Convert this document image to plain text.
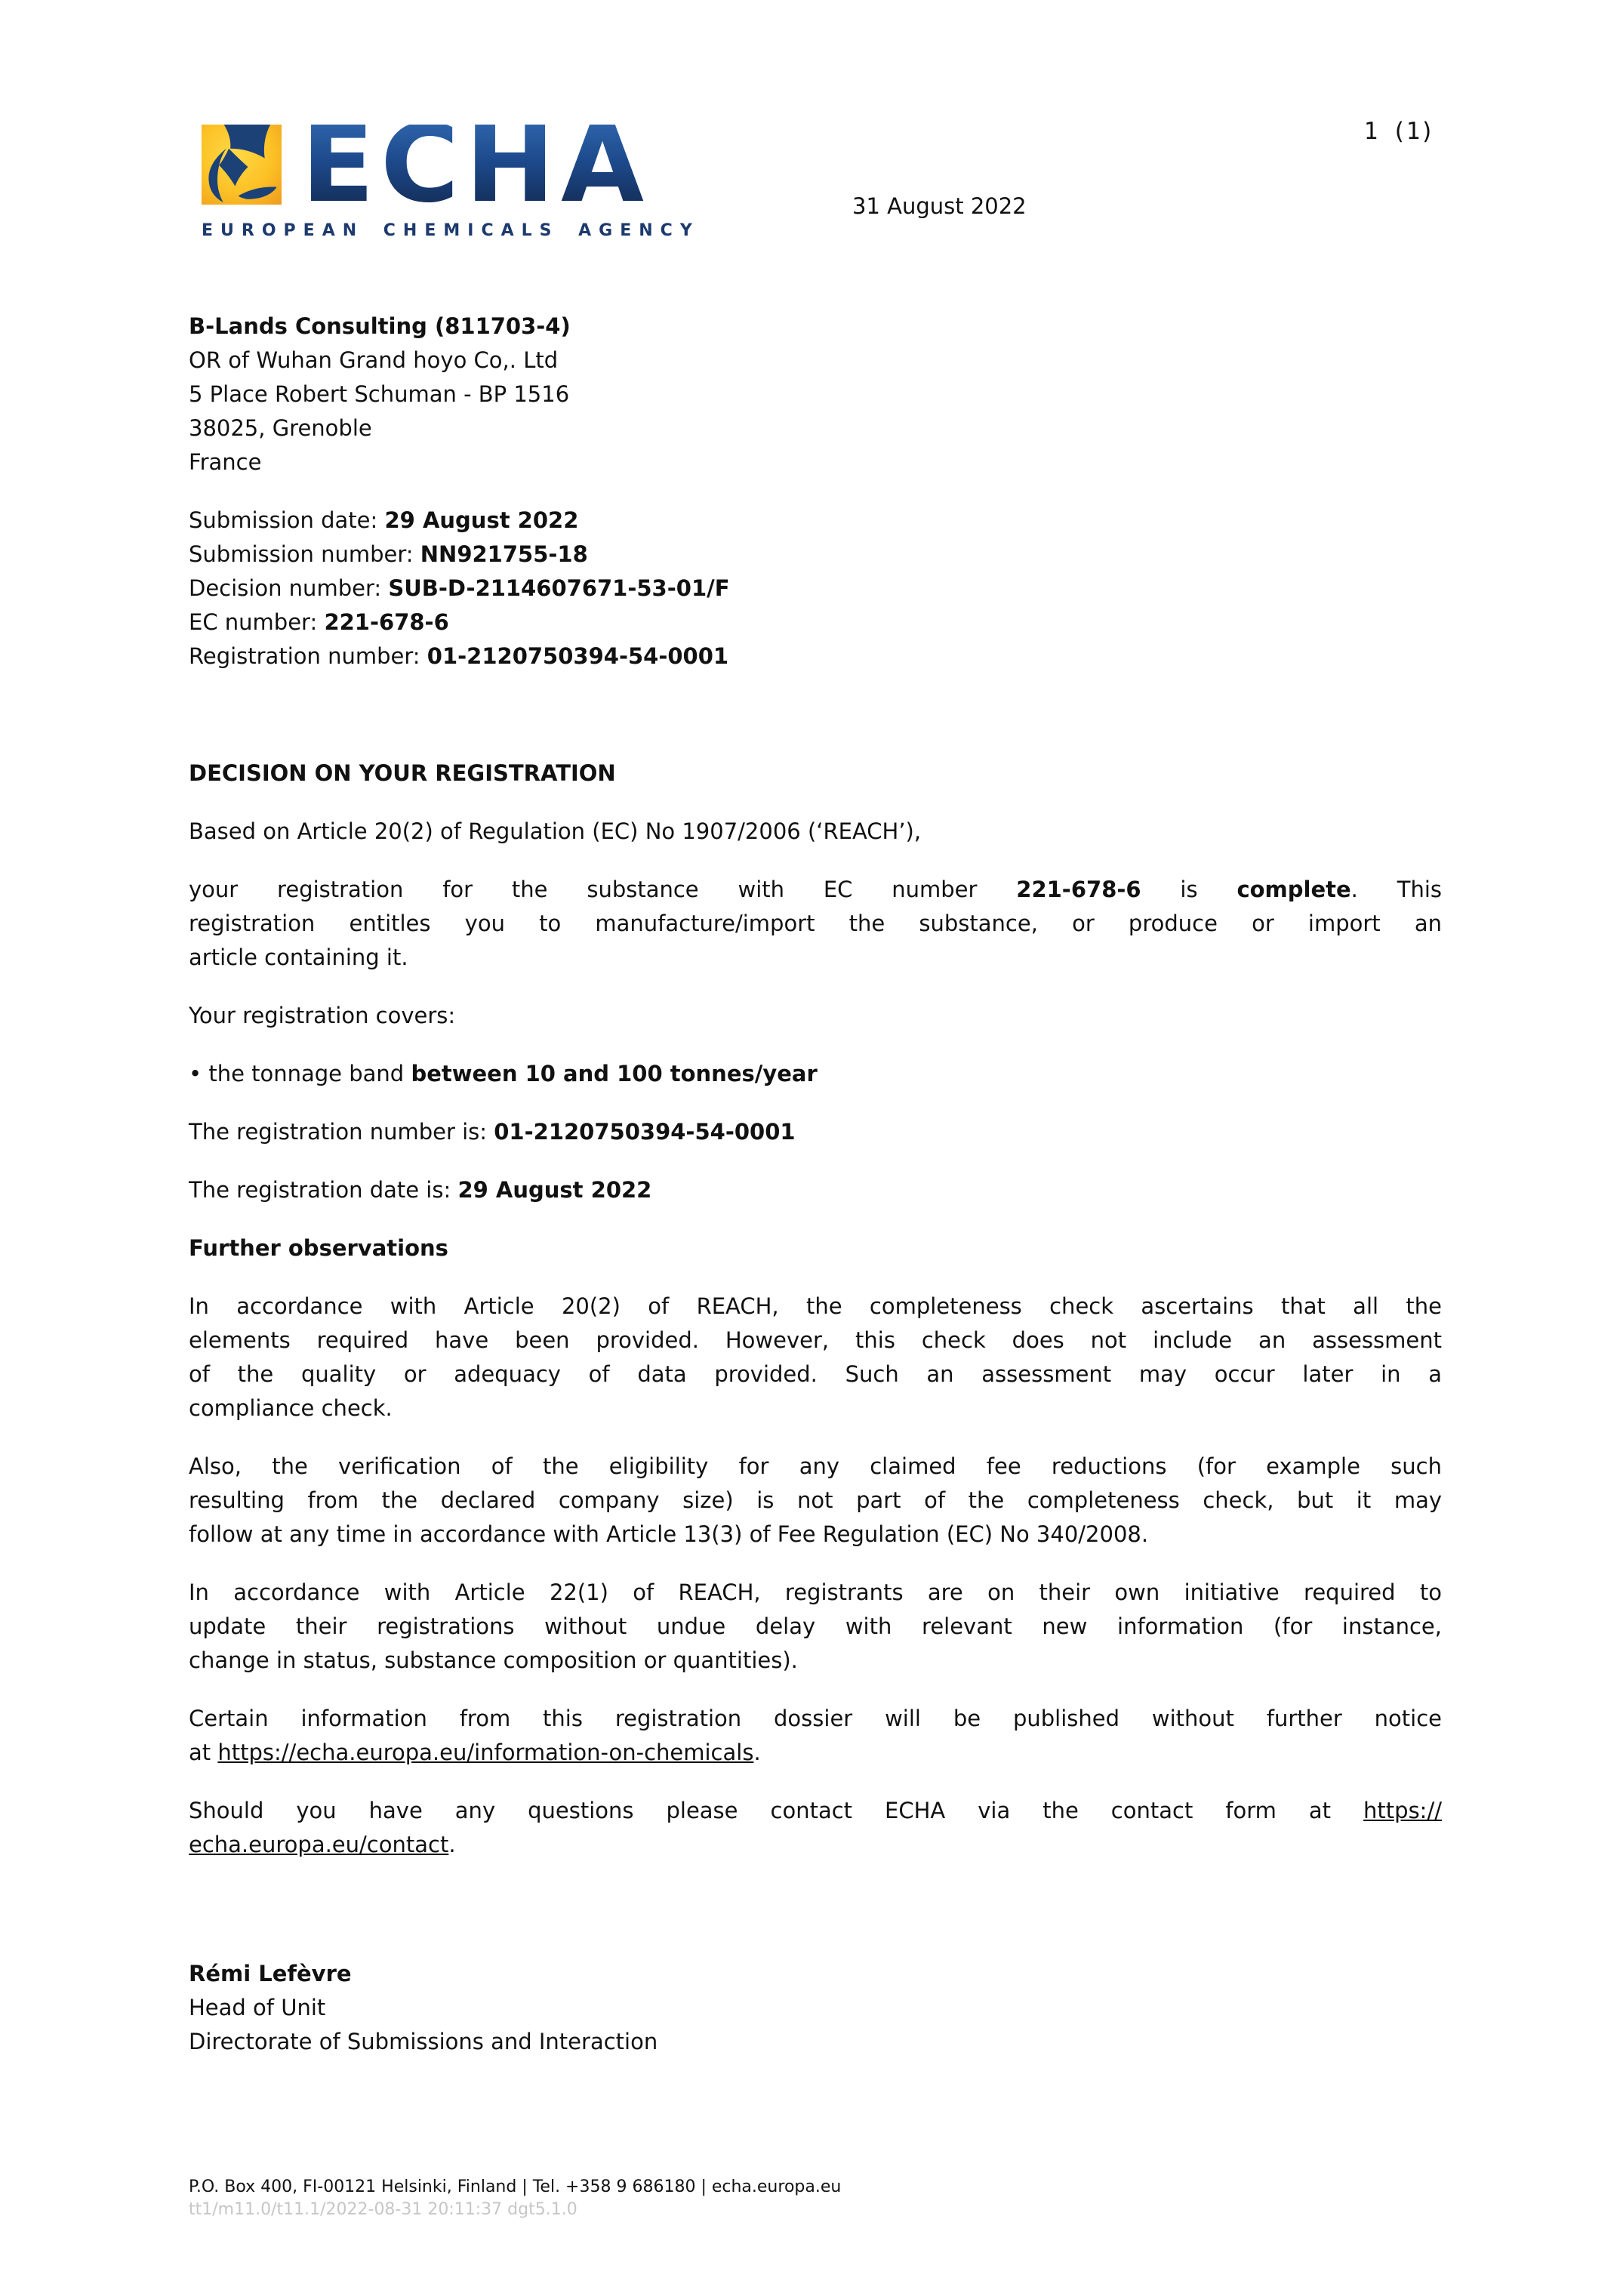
ECHA
EUROPEAN CHEMICALS AGENCY
1 (1)
31 August 2022
B-Lands Consulting (811703-4)
OR of Wuhan Grand hoyo Co,. Ltd
5 Place Robert Schuman - BP 1516
38025, Grenoble
France
Submission date: 29 August 2022
Submission number: NN921755-18
Decision number: SUB-D-2114607671-53-01/F
EC number: 221-678-6
Registration number: 01-2120750394-54-0001
DECISION ON YOUR REGISTRATION
Based on Article 20(2) of Regulation (EC) No 1907/2006 (‘REACH’),
your registration for the substance with EC number 221-678-6 is complete. This
registration entitles you to manufacture/import the substance, or produce or import an
article containing it.
Your registration covers:
• the tonnage band between 10 and 100 tonnes/year
The registration number is: 01-2120750394-54-0001
The registration date is: 29 August 2022
Further observations
In accordance with Article 20(2) of REACH, the completeness check ascertains that all the
elements required have been provided. However, this check does not include an assessment
of the quality or adequacy of data provided. Such an assessment may occur later in a
compliance check.
Also, the verification of the eligibility for any claimed fee reductions (for example such
resulting from the declared company size) is not part of the completeness check, but it may
follow at any time in accordance with Article 13(3) of Fee Regulation (EC) No 340/2008.
In accordance with Article 22(1) of REACH, registrants are on their own initiative required to
update their registrations without undue delay with relevant new information (for instance,
change in status, substance composition or quantities).
Certain information from this registration dossier will be published without further notice
at https://echa.europa.eu/information-on-chemicals.
Should you have any questions please contact ECHA via the contact form at https://
echa.europa.eu/contact.
Rémi Lefèvre
Head of Unit
Directorate of Submissions and Interaction
P.O. Box 400, FI-00121 Helsinki, Finland | Tel. +358 9 686180 | echa.europa.eu
tt1/m11.0/t11.1/2022-08-31 20:11:37 dgt5.1.0
